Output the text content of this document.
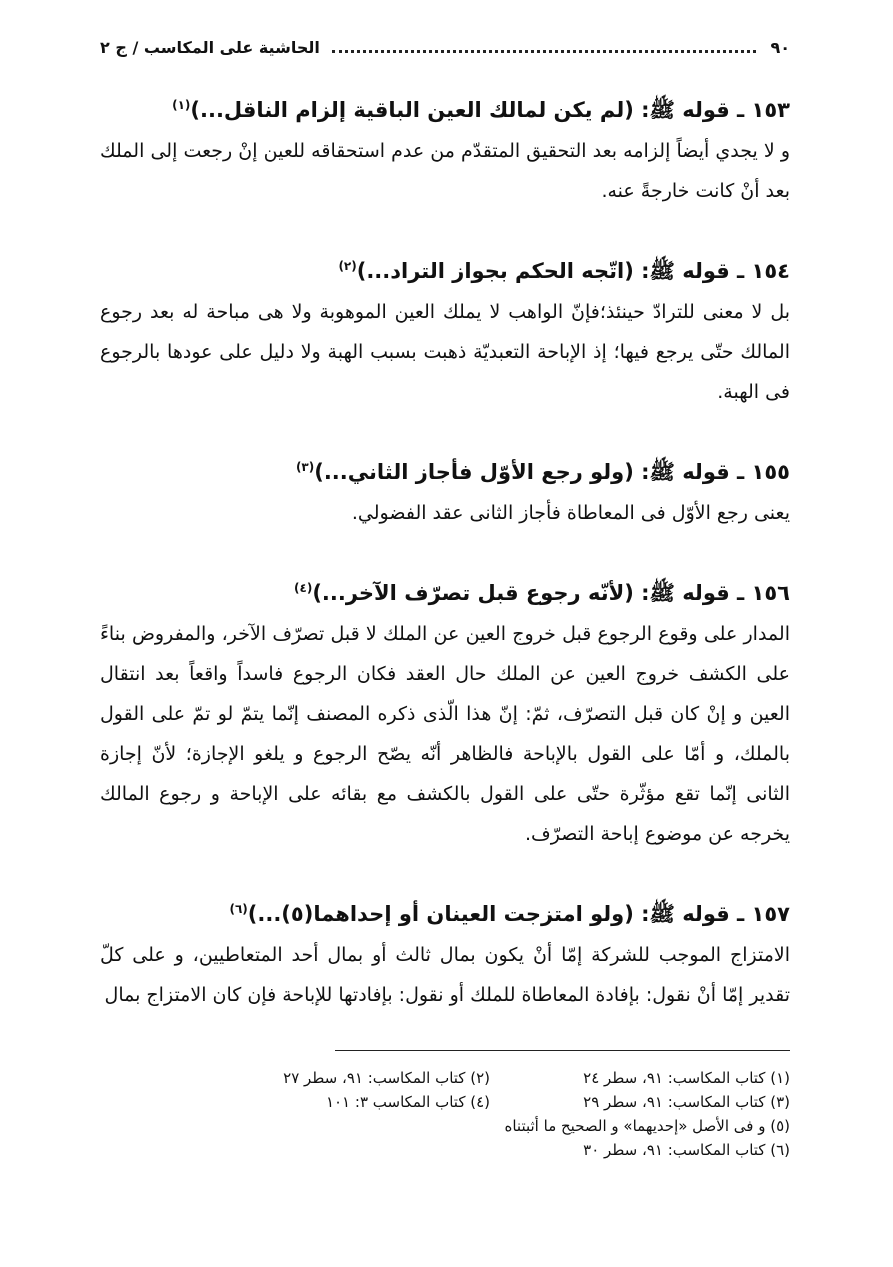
٩٠
الحاشية على المكاسب / ج ٢

١٥٣ ـ قوله ﷺ: (لم يكن لمالك العين الباقية إلزام الناقل...)$^{(١)}$

و لا يجدي أيضاً إلزامه بعد التحقيق المتقدّم من عدم استحقاقه للعين إنْ رجعت إلى الملك بعد أنْ كانت خارجةً عنه.

١٥٤ ـ قوله ﷺ: (اتّجه الحكم بجواز التراد...)$^{(٢)}$

بل لا معنى للترادّ حينئذ؛فإنّ الواهب لا يملك العين الموهوبة ولا هى مباحة له بعد رجوع المالك حتّى يرجع فيها؛ إذ الإباحة التعبديّة ذهبت بسبب الهبة ولا دليل على عودها بالرجوع فى الهبة.

١٥٥ ـ قوله ﷺ: (ولو رجع الأوّل فأجاز الثاني...)$^{(٣)}$

يعنى رجع الأوّل فى المعاطاة فأجاز الثانى عقد الفضولي.

١٥٦ ـ قوله ﷺ: (لأنّه رجوع قبل تصرّف الآخر...)$^{(٤)}$

المدار على وقوع الرجوع قبل خروج العين عن الملك لا قبل تصرّف الآخر، والمفروض بناءً على الكشف خروج العين عن الملك حال العقد فكان الرجوع فاسداً واقعاً بعد انتقال العين و إنْ كان قبل التصرّف، ثمّ: إنّ هذا الّذى ذكره المصنف إنّما يتمّ لو تمّ على القول بالملك، و أمّا على القول بالإباحة فالظاهر أنّه يصّح الرجوع و يلغو الإجازة؛ لأنّ إجازة الثانى إنّما تقع مؤثّرة حتّى على القول بالكشف مع بقائه على الإباحة و رجوع المالك يخرجه عن موضوع إباحة التصرّف.

١٥٧ ـ قوله ﷺ: (ولو امتزجت العينان أو إحداهما(٥)...)$^{(٦)}$

الامتزاج الموجب للشركة إمّا أنْ يكون بمال ثالث أو بمال أحد المتعاطيين، و على كلّ تقدير إمّا أنْ نقول: بإفادة المعاطاة للملك أو نقول: بإفادتها للإباحة فإن كان الامتزاج بمال

(١) كتاب المكاسب: ٩١، سطر ٢٤
(٢) كتاب المكاسب: ٩١، سطر ٢٧
(٣) كتاب المكاسب: ٩١، سطر ٢٩
(٤) كتاب المكاسب ٣: ١٠١
(٥) و فى الأصل «إحديهما» و الصحيح ما أثبتناه
(٦) كتاب المكاسب: ٩١، سطر ٣٠
